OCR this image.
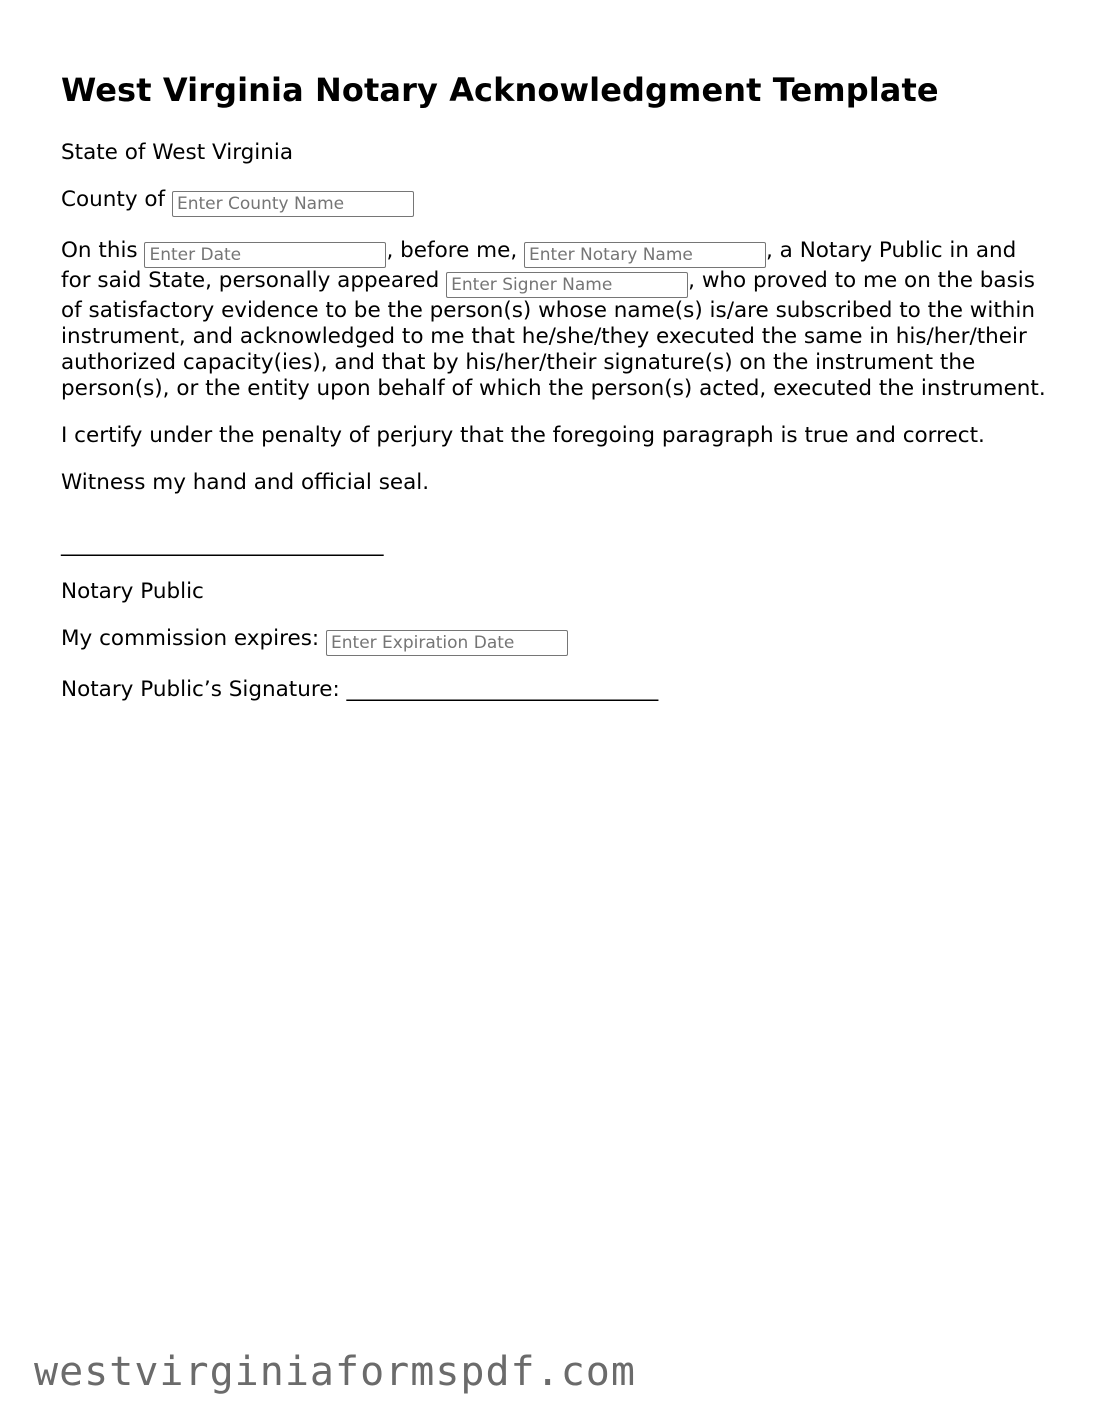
West Virginia Notary Acknowledgment Template

State of West Virginia

County of Enter County Name

On this Enter Date	, before me, Enter Notary Name	, a Notary Public in and for said State, personally appeared Enter Signer Name	, who proved to me on the basis of satisfactory evidence to be the person(s) whose name(s) is/are subscribed to the within instrument, and acknowledged to me that he/she/they executed the same in his/her/their authorized capacity(ies), and that by his/her/their signature(s) on the instrument the person(s), or the entity upon behalf of which the person(s) acted, executed the instrument.

I certify under the penalty of perjury that the foregoing paragraph is true and correct.

Witness my hand and official seal.

______________________________

Notary Public

My commission expires: Enter Expiration Date

Notary Public’s Signature: _____________________________

westvirginiaformspdf.com
